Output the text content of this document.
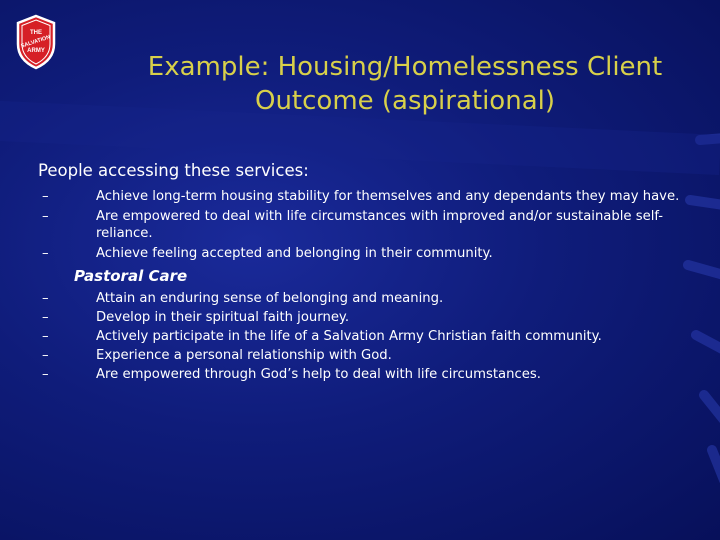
THE
SALVATION
ARMY
Example: Housing/Homelessness Client
Outcome (aspirational)

People accessing these services:

–	Achieve long-term housing stability for themselves and any dependants they may have.
–	Are empowered to deal with life circumstances with improved and/or sustainable self-reliance.
–	Achieve feeling accepted and belonging in their community.
Pastoral Care
–	Attain an enduring sense of belonging and meaning.
–	Develop in their spiritual faith journey.
–	Actively participate in the life of a Salvation Army Christian faith community.
–	Experience a personal relationship with God.
–	Are empowered through God’s help to deal with life circumstances.
